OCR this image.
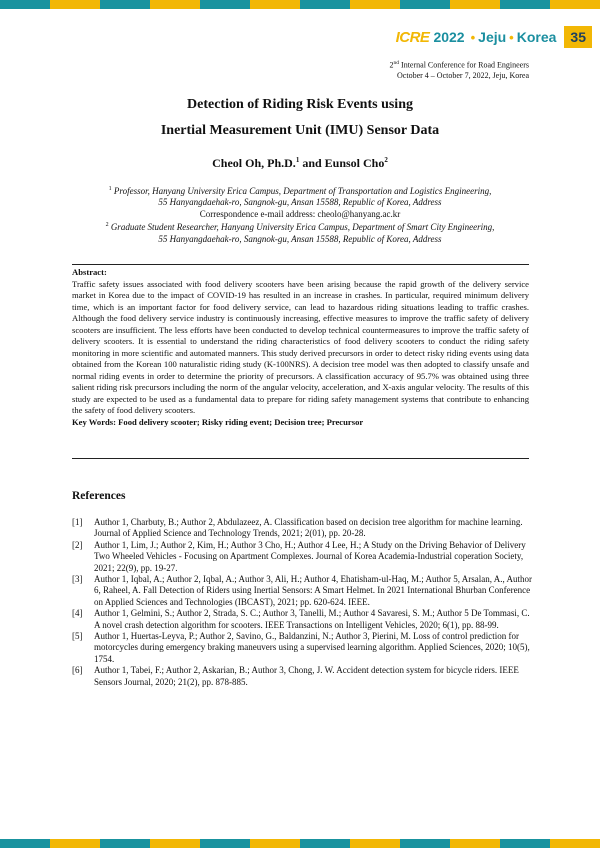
ICRE 2022 • Jeju • Korea	35
2nd Internal Conference for Road Engineers
October 4 – October 7, 2022, Jeju, Korea
Detection of Riding Risk Events using
Inertial Measurement Unit (IMU) Sensor Data
Cheol Oh, Ph.D.$^1$ and Eunsol Cho$^2$
$^1$ Professor, Hanyang University Erica Campus, Department of Transportation and Logistics Engineering,
55 Hanyangdaehak-ro, Sangnok-gu, Ansan 15588, Republic of Korea, Address
Correspondence e-mail address: cheolo@hanyang.ac.kr
$^2$ Graduate Student Researcher, Hanyang University Erica Campus, Department of Smart City Engineering,
55 Hanyangdaehak-ro, Sangnok-gu, Ansan 15588, Republic of Korea, Address
Abstract:
Traffic safety issues associated with food delivery scooters have been arising because the rapid growth of the delivery service market in Korea due to the impact of COVID-19 has resulted in an increase in crashes. In particular, required minimum delivery time, which is an important factor for food delivery service, can lead to hazardous riding situations leading to traffic crashes. Although the food delivery service industry is continuously increasing, effective measures to improve the traffic safety of delivery scooters are insufficient. The less efforts have been conducted to develop technical countermeasures to improve the traffic safety of delivery scooters. It is essential to understand the riding characteristics of food delivery scooters to conduct the riding safety monitoring in more scientific and automated manners. This study derived precursors in order to detect risky riding events using data obtained from the Korean 100 naturalistic riding study (K-100NRS). A decision tree model was then adopted to classify unsafe and normal riding events in order to determine the priority of precursors. A classification accuracy of 95.7% was obtained using three salient riding risk precursors including the norm of the angular velocity, acceleration, and X-axis angular velocity. The results of this study are expected to be used as a fundamental data to prepare for riding safety management systems that contribute to enhancing the safety of food delivery scooters.
Key Words: Food delivery scooter; Risky riding event; Decision tree; Precursor
References
[1]	Author 1, Charbuty, B.; Author 2, Abdulazeez, A. Classification based on decision tree algorithm for machine learning. Journal of Applied Science and Technology Trends, 2021; 2(01), pp. 20-28.
[2]	Author 1, Lim, J.; Author 2, Kim, H.; Author 3 Cho, H.; Author 4 Lee, H.; A Study on the Driving Behavior of Delivery Two Wheeled Vehicles - Focusing on Apartment Complexes. Journal of Korea Academia-Industrial coperation Society, 2021; 22(9), pp. 19-27.
[3]	Author 1, Iqbal, A.; Author 2, Iqbal, A.; Author 3, Ali, H.; Author 4, Ehatisham-ul-Haq, M.; Author 5, Arsalan, A., Author 6, Raheel, A. Fall Detection of Riders using Inertial Sensors: A Smart Helmet. In 2021 International Bhurban Conference on Applied Sciences and Technologies (IBCAST), 2021; pp. 620-624. IEEE.
[4]	Author 1, Gelmini, S.; Author 2, Strada, S. C.; Author 3, Tanelli, M.; Author 4 Savaresi, S. M.; Author 5 De Tommasi, C. A novel crash detection algorithm for scooters. IEEE Transactions on Intelligent Vehicles, 2020; 6(1), pp. 88-99.
[5]	Author 1, Huertas-Leyva, P.; Author 2, Savino, G., Baldanzini, N.; Author 3, Pierini, M. Loss of control prediction for motorcycles during emergency braking maneuvers using a supervised learning algorithm. Applied Sciences, 2020; 10(5), 1754.
[6]	Author 1, Tabei, F.; Author 2, Askarian, B.; Author 3, Chong, J. W. Accident detection system for bicycle riders. IEEE Sensors Journal, 2020; 21(2), pp. 878-885.
